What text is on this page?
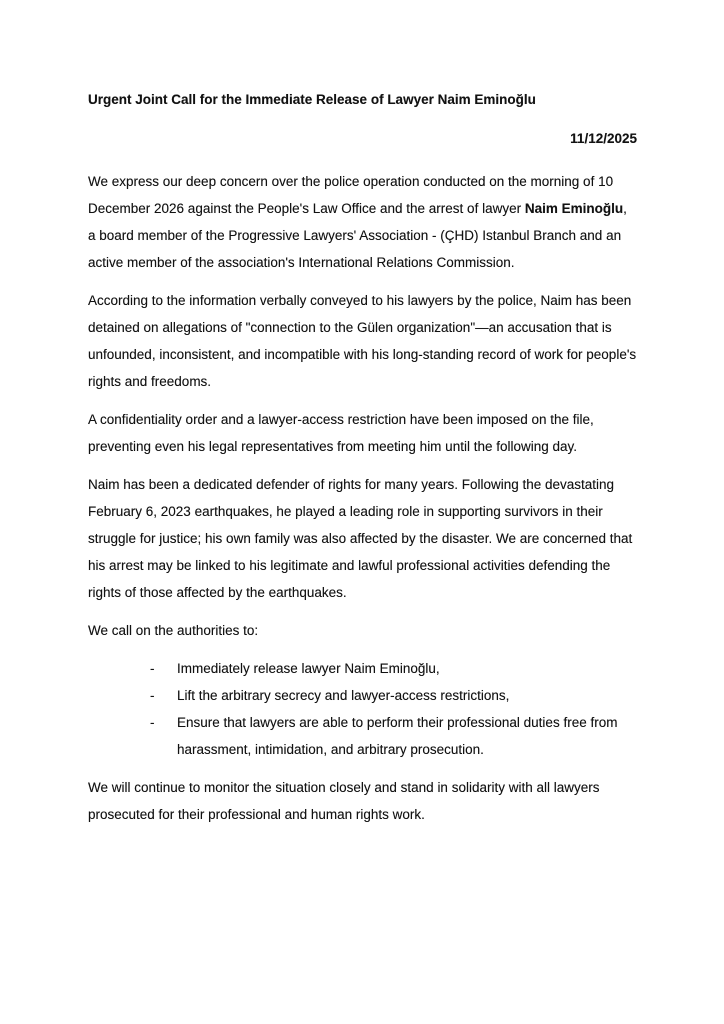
Urgent Joint Call for the Immediate Release of Lawyer Naim Eminoğlu
11/12/2025

We express our deep concern over the police operation conducted on the morning of 10 December 2026 against the People's Law Office and the arrest of lawyer Naim Eminoğlu, a board member of the Progressive Lawyers' Association - (ÇHD) Istanbul Branch and an active member of the association's International Relations Commission.

According to the information verbally conveyed to his lawyers by the police, Naim has been detained on allegations of "connection to the Gülen organization"—an accusation that is unfounded, inconsistent, and incompatible with his long-standing record of work for people's rights and freedoms.

A confidentiality order and a lawyer-access restriction have been imposed on the file, preventing even his legal representatives from meeting him until the following day.

Naim has been a dedicated defender of rights for many years. Following the devastating February 6, 2023 earthquakes, he played a leading role in supporting survivors in their struggle for justice; his own family was also affected by the disaster. We are concerned that his arrest may be linked to his legitimate and lawful professional activities defending the rights of those affected by the earthquakes.

We call on the authorities to:

-	Immediately release lawyer Naim Eminoğlu,
-	Lift the arbitrary secrecy and lawyer-access restrictions,
-	Ensure that lawyers are able to perform their professional duties free from harassment, intimidation, and arbitrary prosecution.

We will continue to monitor the situation closely and stand in solidarity with all lawyers prosecuted for their professional and human rights work.
